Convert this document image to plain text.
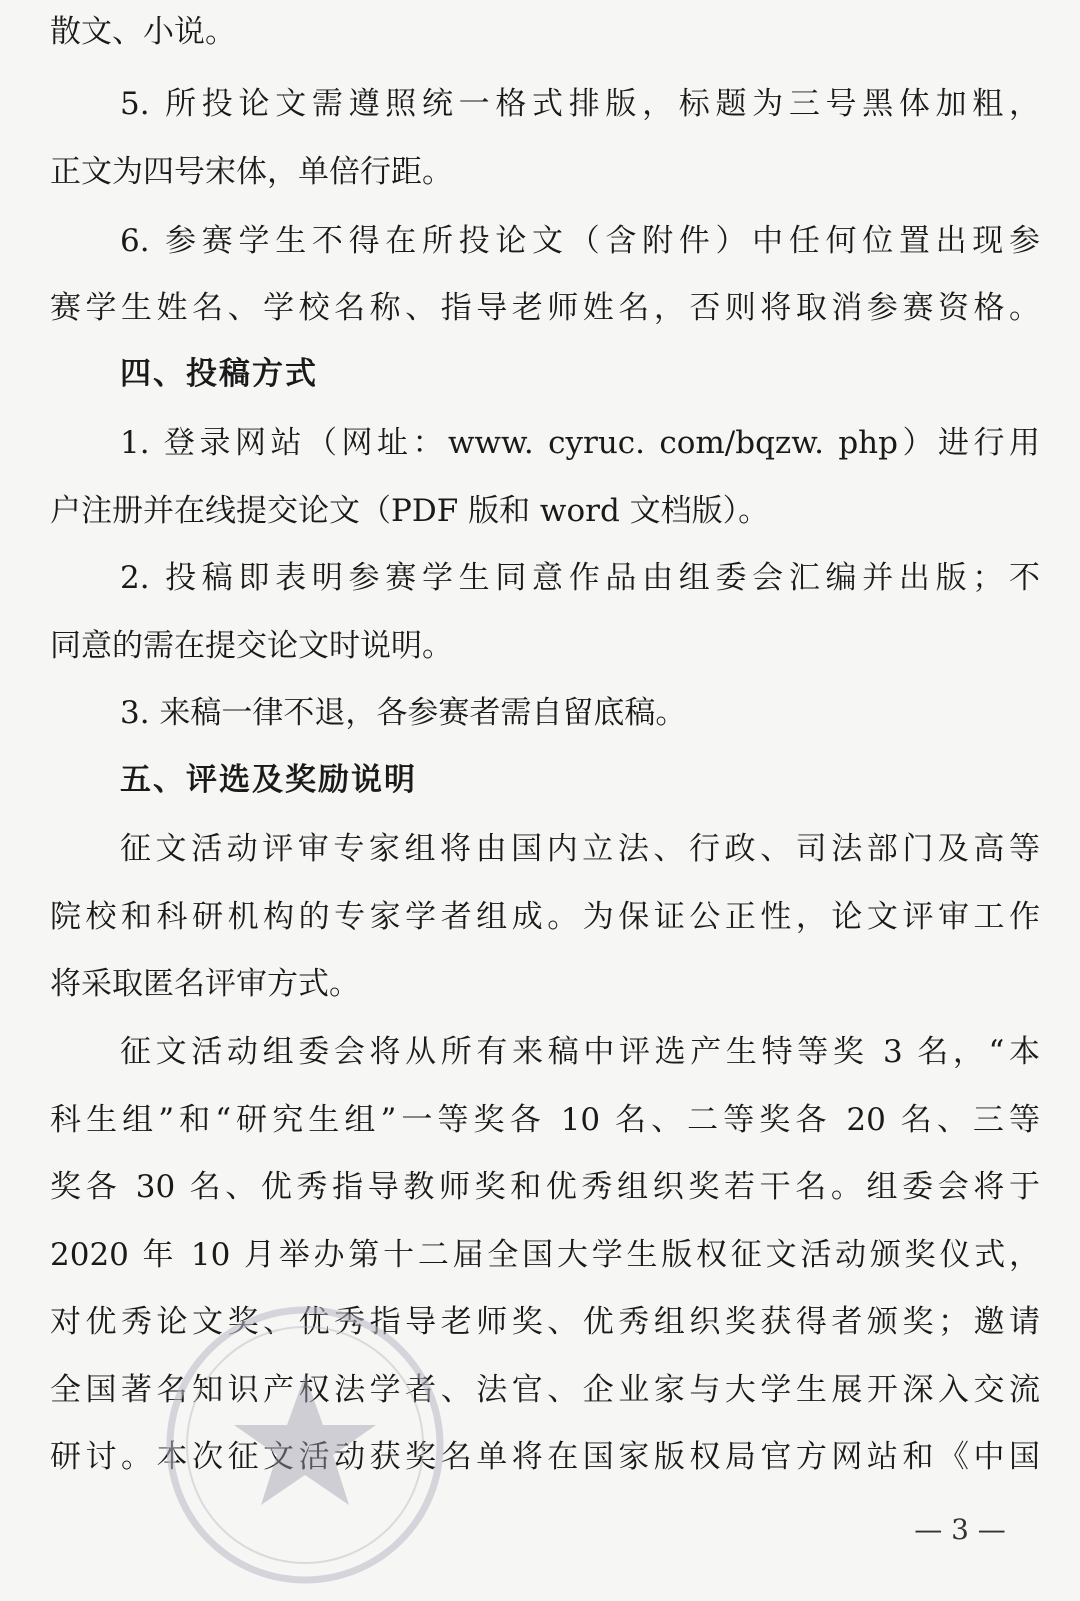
散文、小说。
5. 所投论文需遵照统一格式排版，标题为三号黑体加粗，
正文为四号宋体，单倍行距。
6. 参赛学生不得在所投论文（含附件）中任何位置出现参
赛学生姓名、学校名称、指导老师姓名，否则将取消参赛资格。
四、投稿方式
1. 登录网站（网址：www. cyruc. com/bqzw. php）进行用
户注册并在线提交论文（PDF 版和 word 文档版）。
2. 投稿即表明参赛学生同意作品由组委会汇编并出版；不
同意的需在提交论文时说明。
3. 来稿一律不退，各参赛者需自留底稿。
五、评选及奖励说明
征文活动评审专家组将由国内立法、行政、司法部门及高等
院校和科研机构的专家学者组成。为保证公正性，论文评审工作
将采取匿名评审方式。
征文活动组委会将从所有来稿中评选产生特等奖 3 名，“本
科生组”和“研究生组”一等奖各 10 名、二等奖各 20 名、三等
奖各 30 名、优秀指导教师奖和优秀组织奖若干名。组委会将于
2020 年 10 月举办第十二届全国大学生版权征文活动颁奖仪式，
对优秀论文奖、优秀指导老师奖、优秀组织奖获得者颁奖；邀请
全国著名知识产权法学者、法官、企业家与大学生展开深入交流
研讨。本次征文活动获奖名单将在国家版权局官方网站和《中国
— 3 —
